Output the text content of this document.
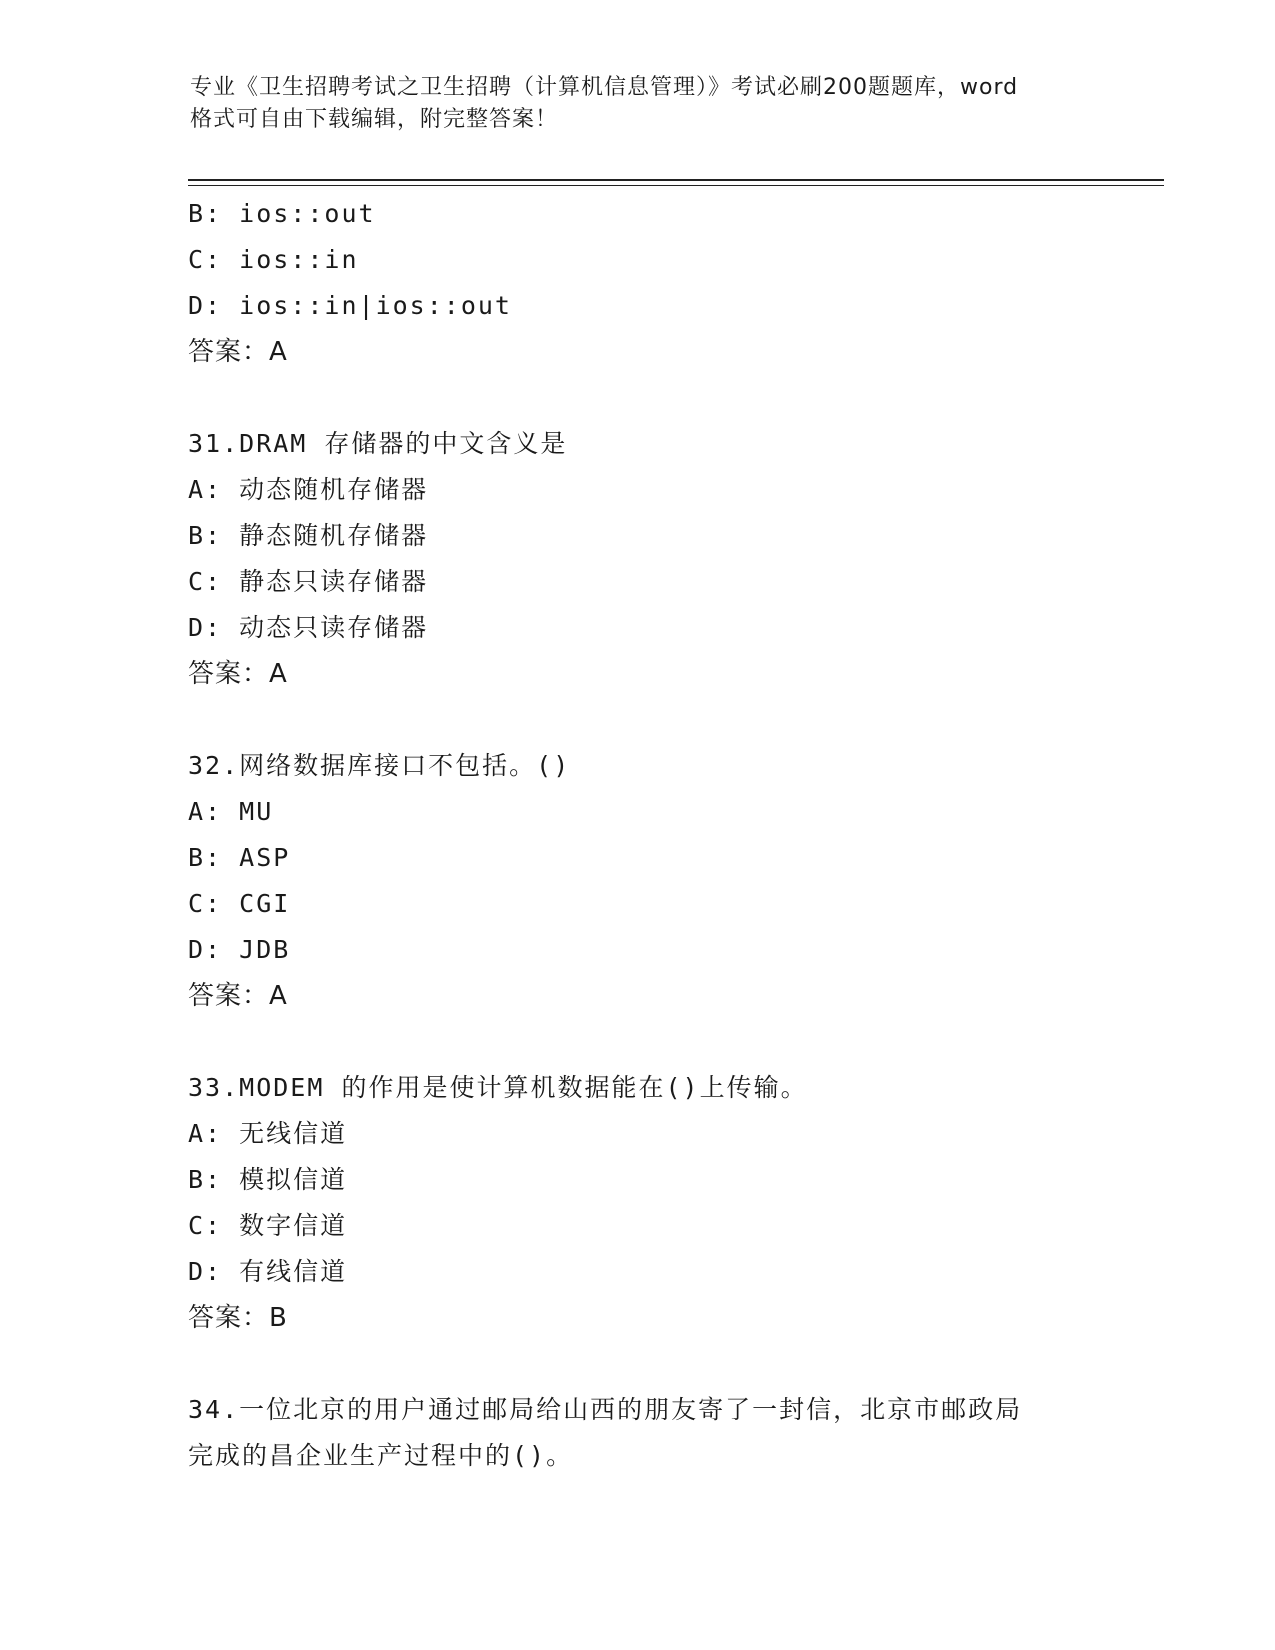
专业《卫生招聘考试之卫生招聘（计算机信息管理）》考试必刷200题题库，word
格式可自由下载编辑，附完整答案！
B: ios::out
C: ios::in
D: ios::in|ios::out
答案：A
31.DRAM 存储器的中文含义是
A: 动态随机存储器
B: 静态随机存储器
C: 静态只读存储器
D: 动态只读存储器
答案：A
32.网络数据库接口不包括。()
A: MU
B: ASP
C: CGI
D: JDB
答案：A
33.MODEM 的作用是使计算机数据能在()上传输。
A: 无线信道
B: 模拟信道
C: 数字信道
D: 有线信道
答案：B
34.一位北京的用户通过邮局给山西的朋友寄了一封信，北京市邮政局
完成的昌企业生产过程中的()。
